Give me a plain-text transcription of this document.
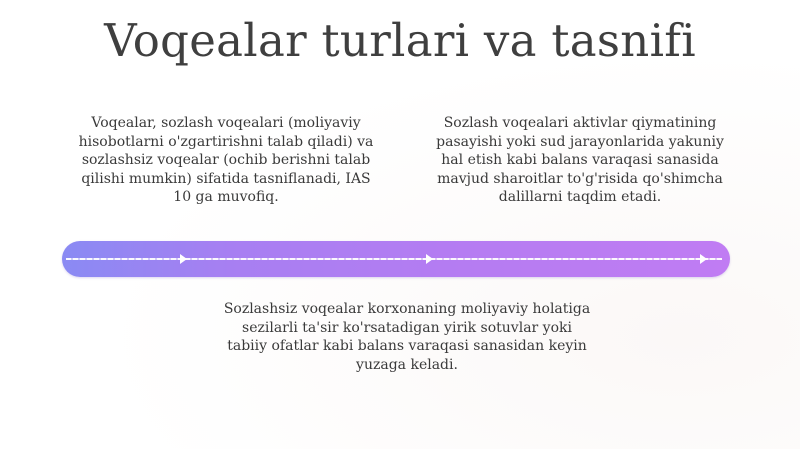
Voqealar turlari va tasnifi
Voqealar, sozlash voqealari (moliyaviy hisobotlarni o'zgartirishni talab qiladi) va sozlashsiz voqealar (ochib berishni talab qilishi mumkin) sifatida tasniflanadi, IAS 10 ga muvofiq.
Sozlash voqealari aktivlar qiymatining pasayishi yoki sud jarayonlarida yakuniy hal etish kabi balans varaqasi sanasida mavjud sharoitlar to'g'risida qo'shimcha dalillarni taqdim etadi.
Sozlashsiz voqealar korxonaning moliyaviy holatiga sezilarli ta'sir ko'rsatadigan yirik sotuvlar yoki tabiiy ofatlar kabi balans varaqasi sanasidan keyin yuzaga keladi.
